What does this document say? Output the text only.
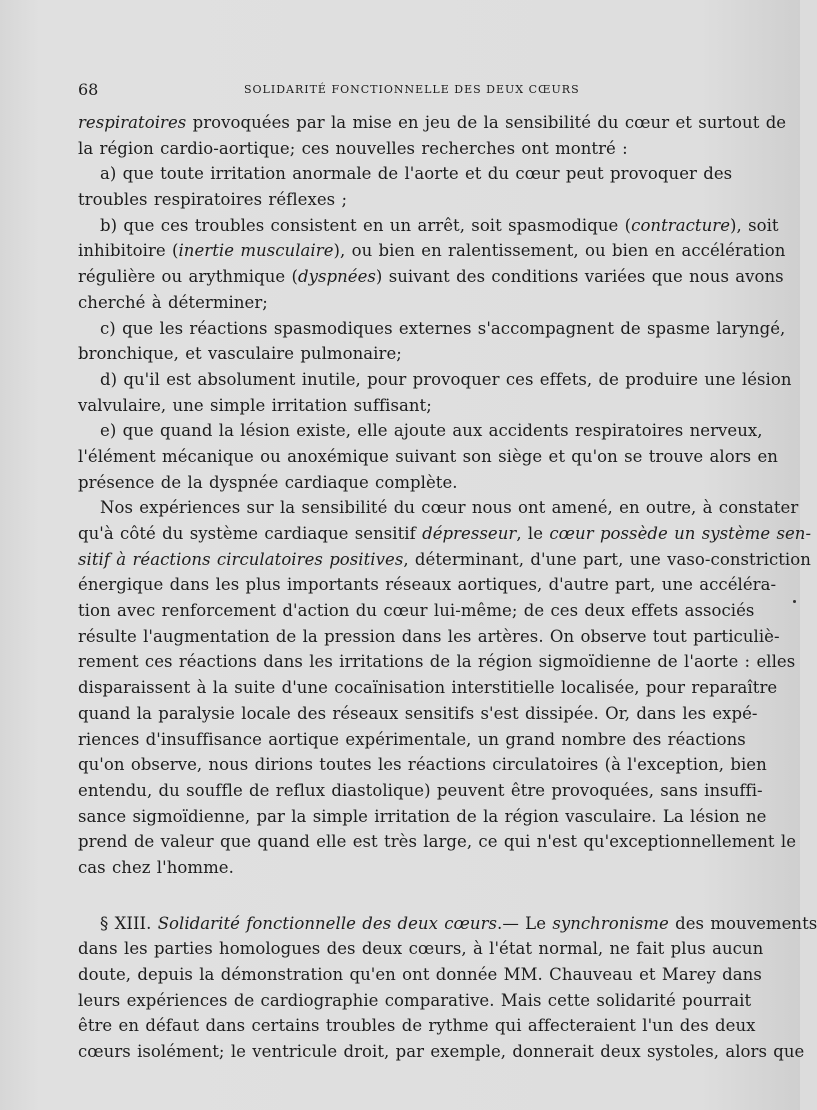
68	SOLIDARITÉ FONCTIONNELLE DES DEUX CŒURS
respiratoires provoquées par la mise en jeu de la sensibilité du cœur et surtout de
la région cardio-aortique; ces nouvelles recherches ont montré :
a) que toute irritation anormale de l'aorte et du cœur peut provoquer des
troubles respiratoires réflexes ;
b) que ces troubles consistent en un arrêt, soit spasmodique (contracture), soit
inhibitoire (inertie musculaire), ou bien en ralentissement, ou bien en accélération
régulière ou arythmique (dyspnées) suivant des conditions variées que nous avons
cherché à déterminer;
c) que les réactions spasmodiques externes s'accompagnent de spasme laryngé,
bronchique, et vasculaire pulmonaire;
d) qu'il est absolument inutile, pour provoquer ces effets, de produire une lésion
valvulaire, une simple irritation suffisant;
e) que quand la lésion existe, elle ajoute aux accidents respiratoires nerveux,
l'élément mécanique ou anoxémique suivant son siège et qu'on se trouve alors en
présence de la dyspnée cardiaque complète.
Nos expériences sur la sensibilité du cœur nous ont amené, en outre, à constater
qu'à côté du système cardiaque sensitif dépresseur, le cœur possède un système sen-
sitif à réactions circulatoires positives, déterminant, d'une part, une vaso-constriction
énergique dans les plus importants réseaux aortiques, d'autre part, une accéléra-
tion avec renforcement d'action du cœur lui-même; de ces deux effets associés
résulte l'augmentation de la pression dans les artères. On observe tout particuliè-
rement ces réactions dans les irritations de la région sigmoïdienne de l'aorte : elles
disparaissent à la suite d'une cocaïnisation interstitielle localisée, pour reparaître
quand la paralysie locale des réseaux sensitifs s'est dissipée. Or, dans les expé-
riences d'insuffisance aortique expérimentale, un grand nombre des réactions
qu'on observe, nous dirions toutes les réactions circulatoires (à l'exception, bien
entendu, du souffle de reflux diastolique) peuvent être provoquées, sans insuffi-
sance sigmoïdienne, par la simple irritation de la région vasculaire. La lésion ne
prend de valeur que quand elle est très large, ce qui n'est qu'exceptionnellement le
cas chez l'homme.
§ XIII. Solidarité fonctionnelle des deux cœurs.— Le synchronisme des mouvements
dans les parties homologues des deux cœurs, à l'état normal, ne fait plus aucun
doute, depuis la démonstration qu'en ont donnée MM. Chauveau et Marey dans
leurs expériences de cardiographie comparative. Mais cette solidarité pourrait
être en défaut dans certains troubles de rythme qui affecteraient l'un des deux
cœurs isolément; le ventricule droit, par exemple, donnerait deux systoles, alors que
